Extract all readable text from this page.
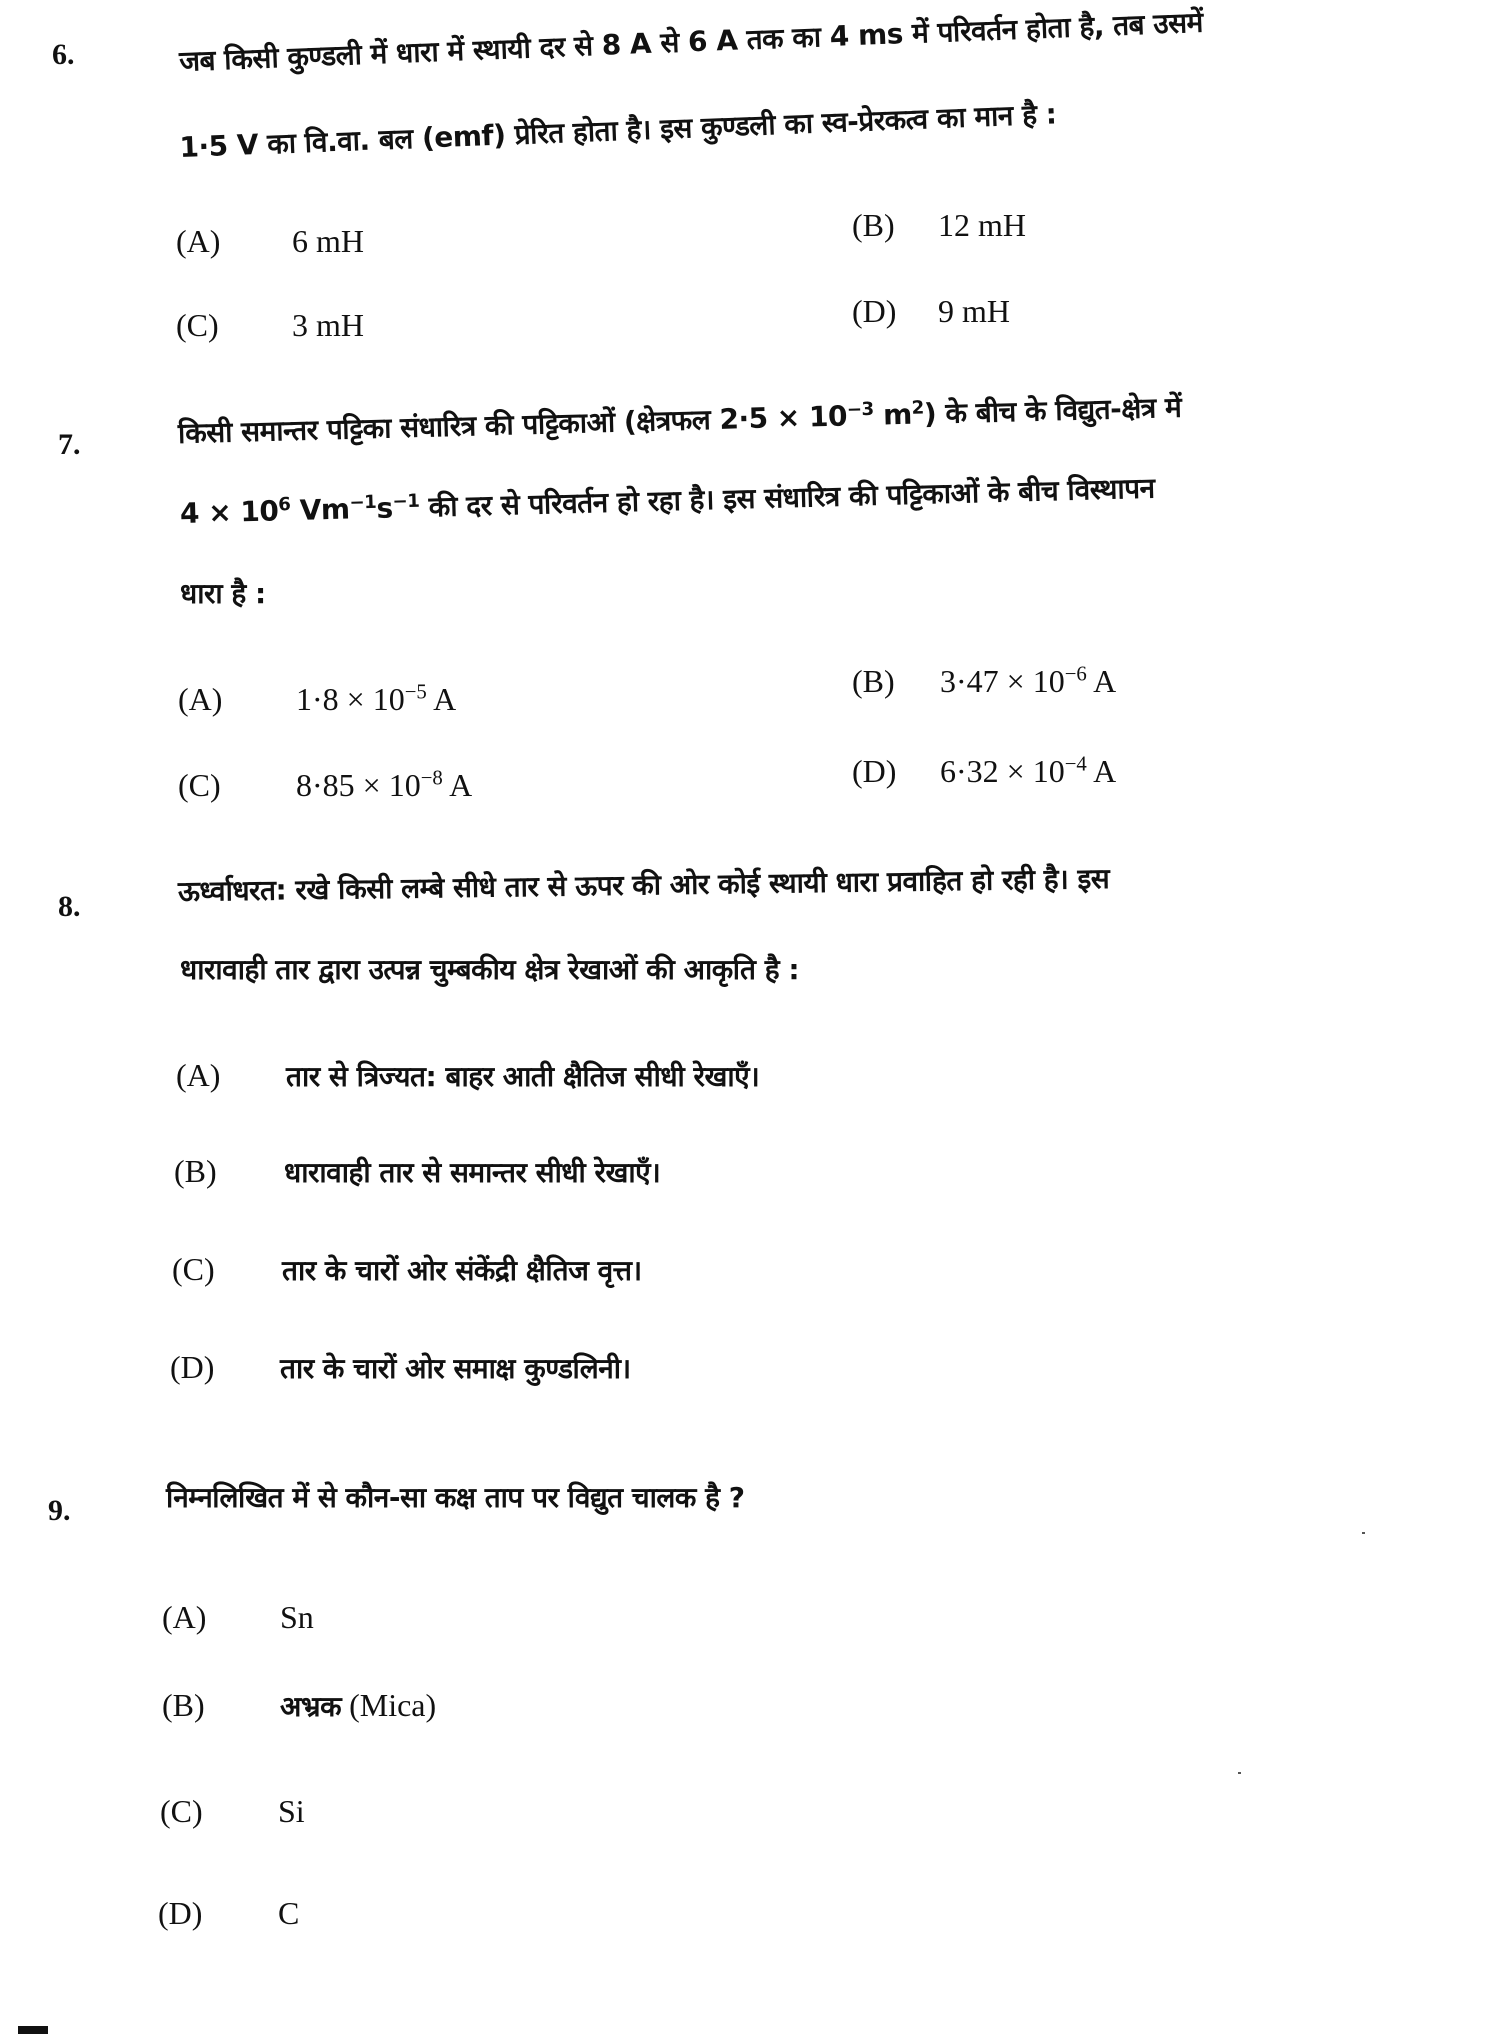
6.	जब किसी कुण्डली में धारा में स्थायी दर से 8 A से 6 A तक का 4 ms में परिवर्तन होता है, तब उसमें
1·5 V का वि.वा. बल (emf) प्रेरित होता है। इस कुण्डली का स्व-प्रेरकत्व का मान है :
(A) 6 mH	(B) 12 mH
(C) 3 mH	(D) 9 mH
7.	किसी समान्तर पट्टिका संधारित्र की पट्टिकाओं (क्षेत्रफल $2\cdot 5 \times 10^{-3}$ $m^2$) के बीच के विद्युत-क्षेत्र में
$4 \times 10^6$ $Vm^{-1}s^{-1}$ की दर से परिवर्तन हो रहा है। इस संधारित्र की पट्टिकाओं के बीच विस्थापन
धारा है :
(A) $1\cdot 8 \times 10^{-5}$ A	(B) $3\cdot 47 \times 10^{-6}$ A
(C) $8\cdot 85 \times 10^{-8}$ A	(D) $6\cdot 32 \times 10^{-4}$ A
8.	ऊर्ध्वाधरत: रखे किसी लम्बे सीधे तार से ऊपर की ओर कोई स्थायी धारा प्रवाहित हो रही है। इस
धारावाही तार द्वारा उत्पन्न चुम्बकीय क्षेत्र रेखाओं की आकृति है :
(A) तार से त्रिज्यत: बाहर आती क्षैतिज सीधी रेखाएँ।
(B) धारावाही तार से समान्तर सीधी रेखाएँ।
(C) तार के चारों ओर संकेंद्री क्षैतिज वृत्त।
(D) तार के चारों ओर समाक्ष कुण्डलिनी।
9.	निम्नलिखित में से कौन-सा कक्ष ताप पर विद्युत चालक है ?
(A) Sn
(B)	अभ्रक (Mica)
(C) Si
(D) C
